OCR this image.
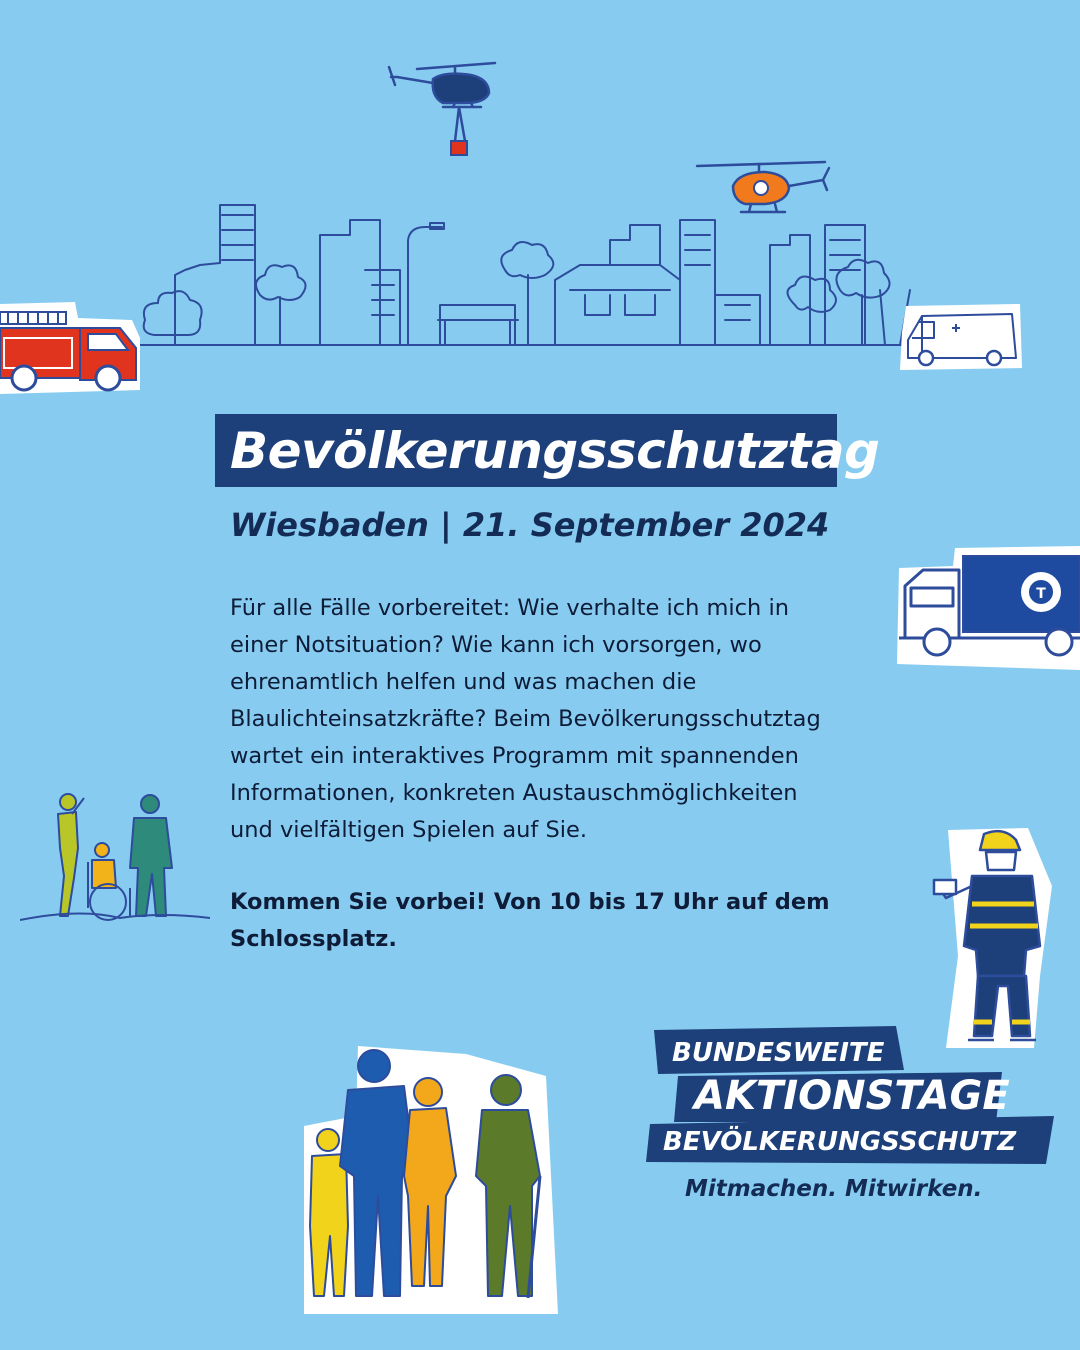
T
Bevölkerungsschutztag
Wiesbaden | 21. September 2024
Für alle Fälle vorbereitet: Wie verhalte ich mich in
einer Notsituation? Wie kann ich vorsorgen, wo
ehrenamtlich helfen und was machen die
Blaulichteinsatzkräfte? Beim Bevölkerungsschutztag
wartet ein interaktives Programm mit spannenden
Informationen, konkreten Austauschmöglichkeiten
und vielfältigen Spielen auf Sie.
Kommen Sie vorbei! Von 10 bis 17 Uhr auf dem
Schlossplatz.
BUNDESWEITE
AKTIONSTAGE
BEVÖLKERUNGSSCHUTZ
Mitmachen. Mitwirken.
